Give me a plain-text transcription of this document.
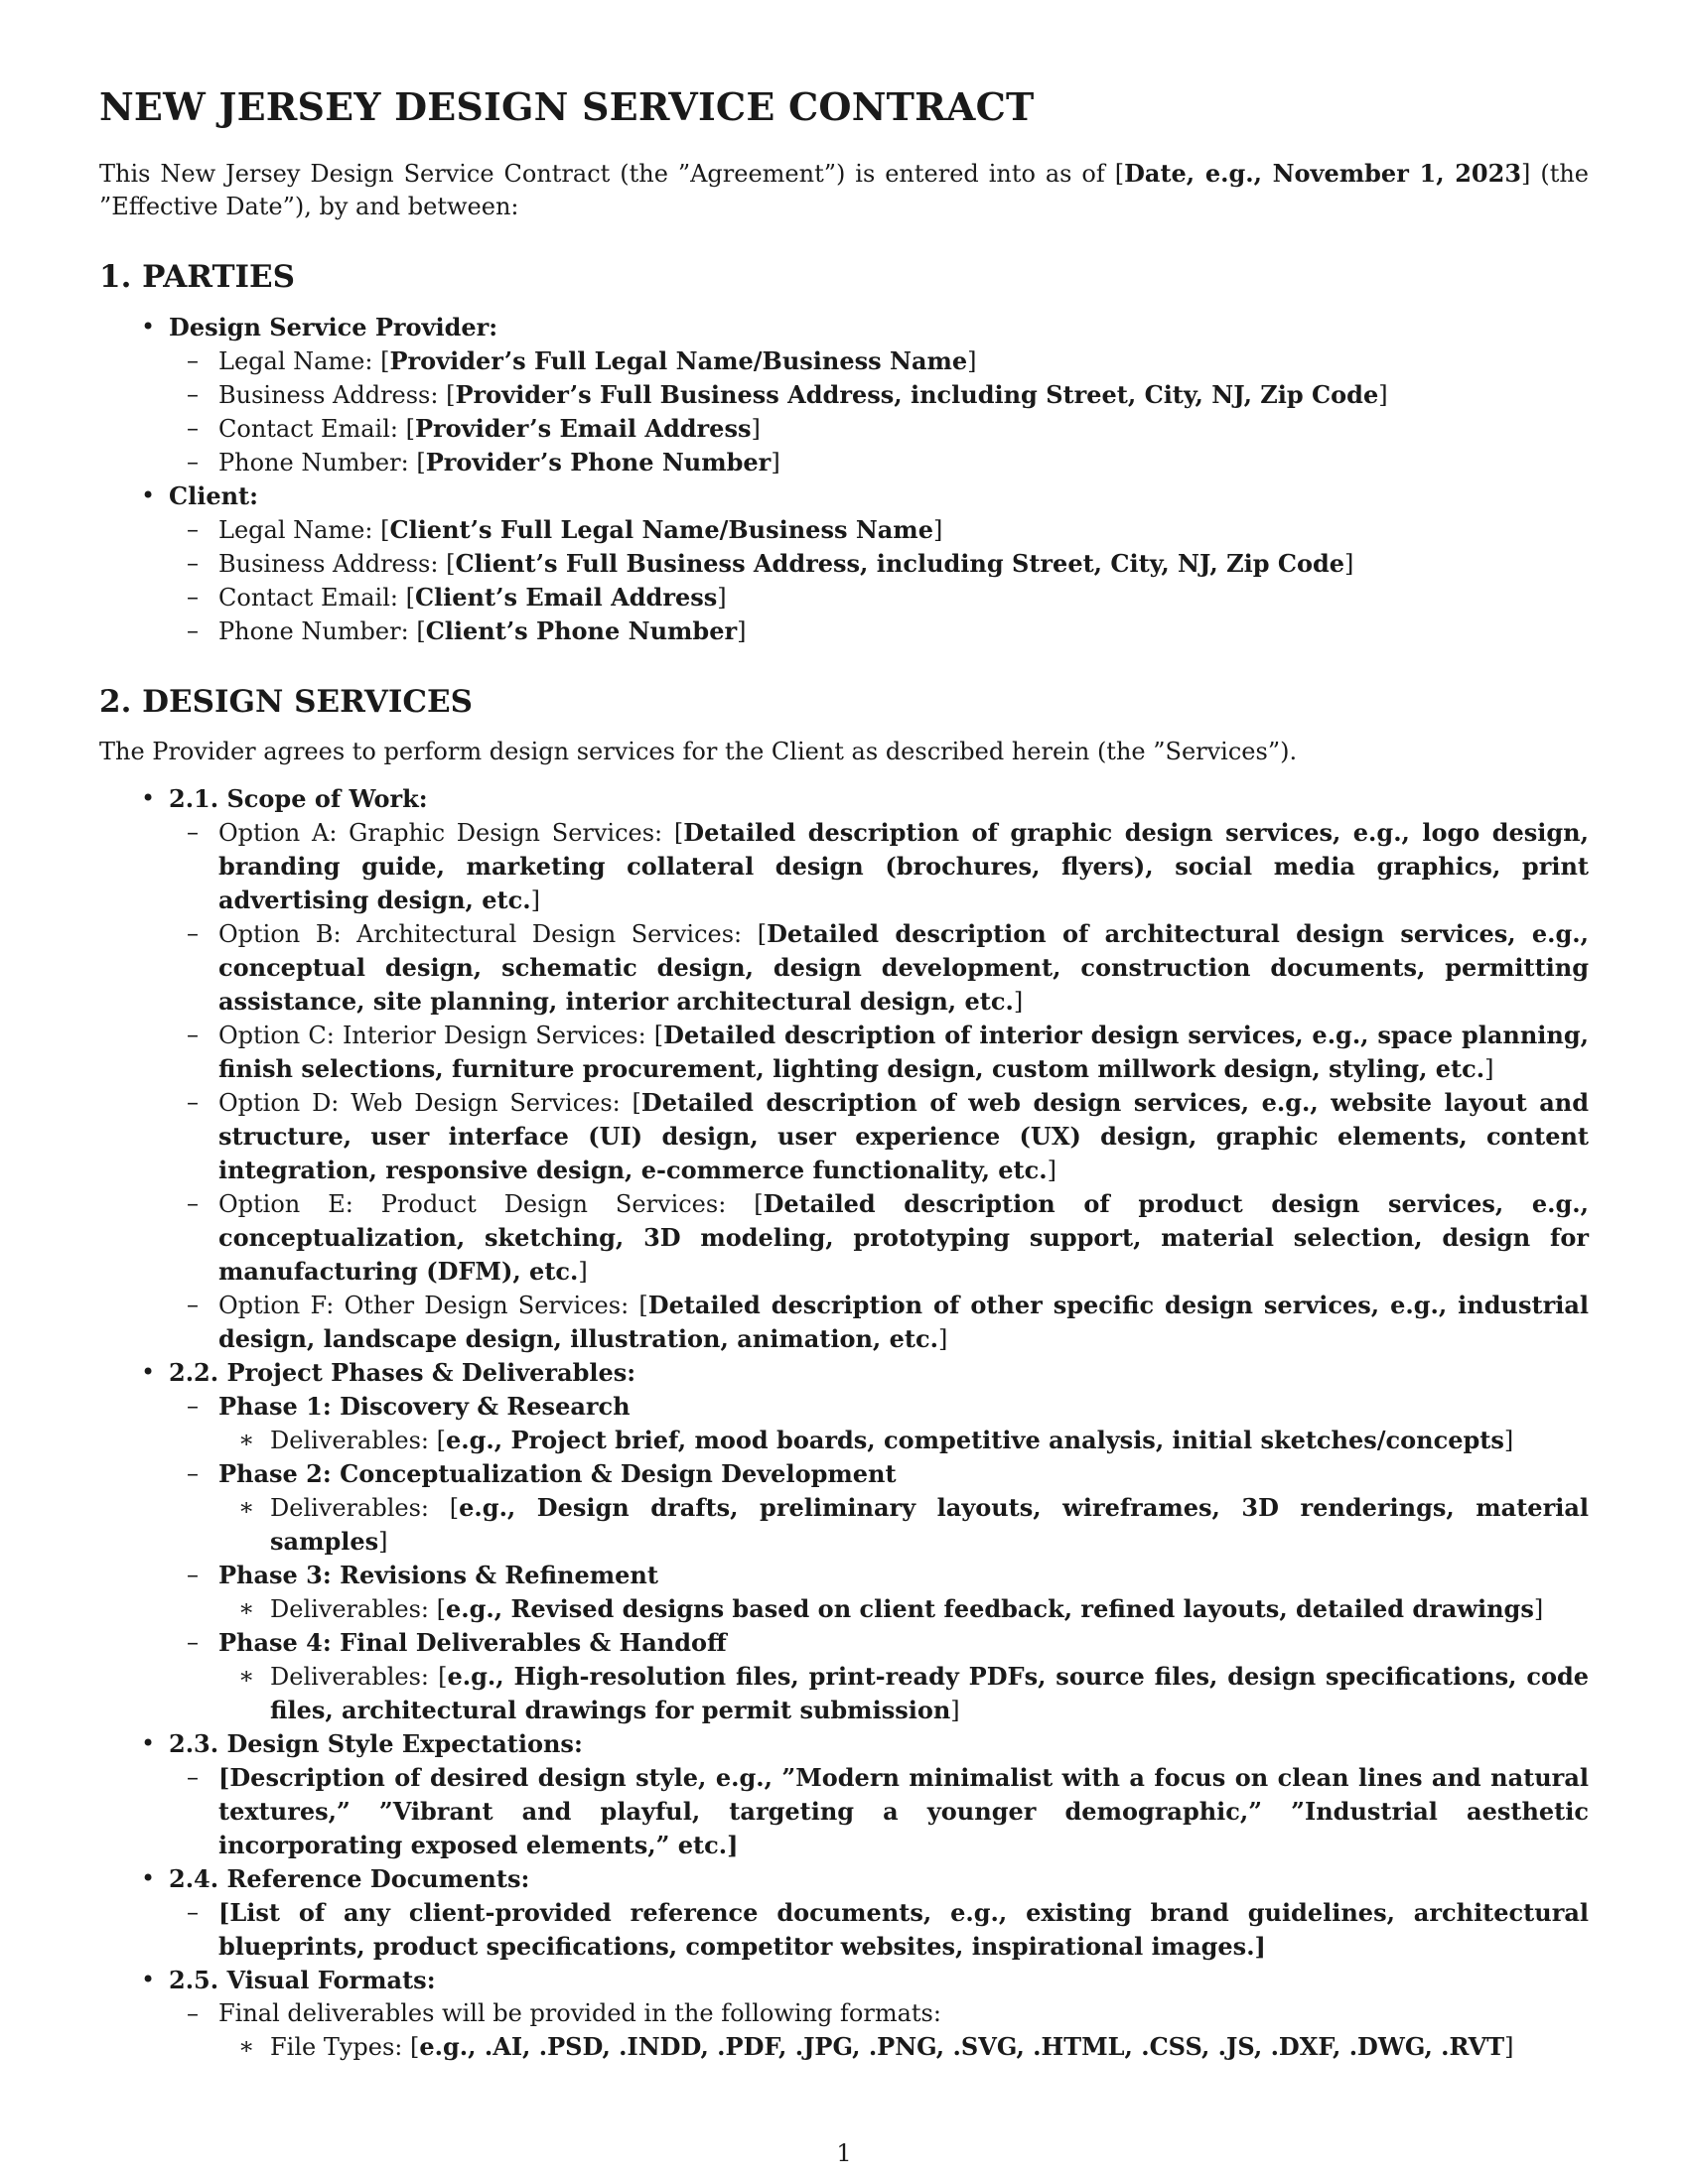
NEW JERSEY DESIGN SERVICE CONTRACT

This New Jersey Design Service Contract (the ”Agreement”) is entered into as of [Date, e.g., November 1, 2023] (the ”Effective Date”), by and between:

1. PARTIES
• Design Service Provider:
– Legal Name: [Provider’s Full Legal Name/Business Name]
– Business Address: [Provider’s Full Business Address, including Street, City, NJ, Zip Code]
– Contact Email: [Provider’s Email Address]
– Phone Number: [Provider’s Phone Number]
• Client:
– Legal Name: [Client’s Full Legal Name/Business Name]
– Business Address: [Client’s Full Business Address, including Street, City, NJ, Zip Code]
– Contact Email: [Client’s Email Address]
– Phone Number: [Client’s Phone Number]
2. DESIGN SERVICES

The Provider agrees to perform design services for the Client as described herein (the ”Services”).

• 2.1. Scope of Work:
– Option A: Graphic Design Services: [Detailed description of graphic design services, e.g., logo design, branding guide, marketing collateral design (brochures, flyers), social media graphics, print advertising design, etc.]
– Option B: Architectural Design Services: [Detailed description of architectural design services, e.g., conceptual design, schematic design, design development, construction documents, permitting assistance, site planning, interior architectural design, etc.]
– Option C: Interior Design Services: [Detailed description of interior design services, e.g., space planning, finish selections, furniture procurement, lighting design, custom millwork design, styling, etc.]
– Option D: Web Design Services: [Detailed description of web design services, e.g., website layout and structure, user interface (UI) design, user experience (UX) design, graphic elements, content integration, responsive design, e-commerce functionality, etc.]
– Option E: Product Design Services: [Detailed description of product design services, e.g., conceptualization, sketching, 3D modeling, prototyping support, material selection, design for manufacturing (DFM), etc.]
– Option F: Other Design Services: [Detailed description of other specific design services, e.g., industrial design, landscape design, illustration, animation, etc.]
• 2.2. Project Phases & Deliverables:
– Phase 1: Discovery & Research
∗ Deliverables: [e.g., Project brief, mood boards, competitive analysis, initial sketches/concepts]
– Phase 2: Conceptualization & Design Development
∗ Deliverables: [e.g., Design drafts, preliminary layouts, wireframes, 3D renderings, material samples]
– Phase 3: Revisions & Refinement
∗ Deliverables: [e.g., Revised designs based on client feedback, refined layouts, detailed drawings]
– Phase 4: Final Deliverables & Handoff
∗ Deliverables: [e.g., High-resolution files, print-ready PDFs, source files, design specifications, code files, architectural drawings for permit submission]
• 2.3. Design Style Expectations:
– [Description of desired design style, e.g., ”Modern minimalist with a focus on clean lines and natural textures,” ”Vibrant and playful, targeting a younger demographic,” ”Industrial aesthetic incorporating exposed elements,” etc.]
• 2.4. Reference Documents:
– [List of any client-provided reference documents, e.g., existing brand guidelines, architectural blueprints, product specifications, competitor websites, inspirational images.]
• 2.5. Visual Formats:
– Final deliverables will be provided in the following formats:
∗ File Types: [e.g., .AI, .PSD, .INDD, .PDF, .JPG, .PNG, .SVG, .HTML, .CSS, .JS, .DXF, .DWG, .RVT]
1
